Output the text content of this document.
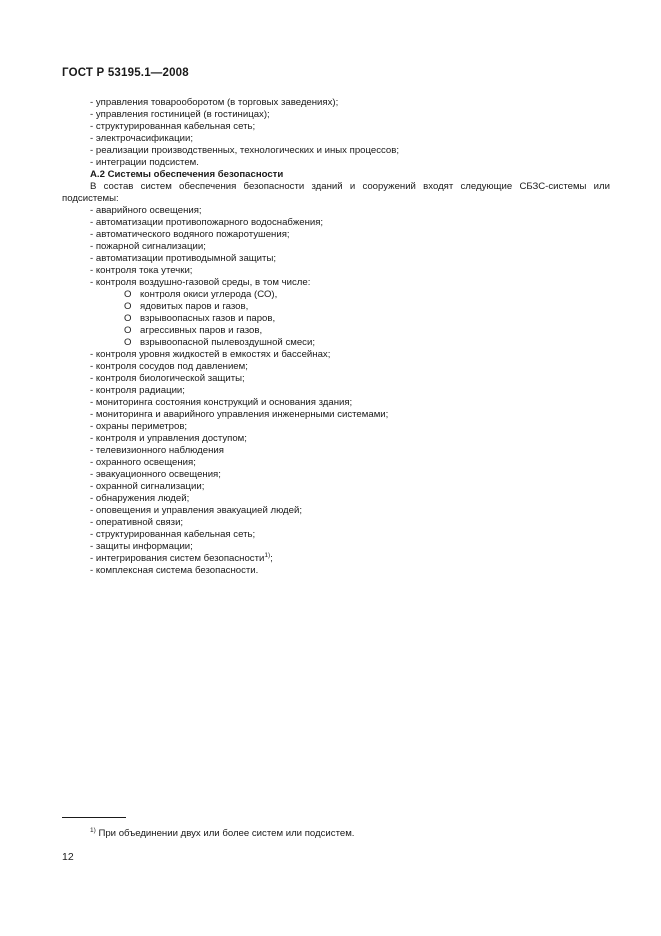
ГОСТ Р 53195.1—2008
- управления товарооборотом (в торговых заведениях);
- управления гостиницей (в гостиницах);
- структурированная кабельная сеть;
- электрочасификации;
- реализации производственных, технологических и иных процессов;
- интеграции подсистем.
А.2 Системы обеспечения безопасности
В состав систем обеспечения безопасности зданий и сооружений входят следующие СБЗС-системы или подсистемы:
- аварийного освещения;
- автоматизации противопожарного водоснабжения;
- автоматического водяного пожаротушения;
- пожарной сигнализации;
- автоматизации противодымной защиты;
- контроля тока утечки;
- контроля воздушно-газовой среды, в том числе:
O контроля окиси углерода (СО),
O ядовитых паров и газов,
O взрывоопасных газов и паров,
O агрессивных паров и газов,
O взрывоопасной пылевоздушной смеси;
- контроля уровня жидкостей в емкостях и бассейнах;
- контроля сосудов под давлением;
- контроля биологической защиты;
- контроля радиации;
- мониторинга состояния конструкций и основания здания;
- мониторинга и аварийного управления инженерными системами;
- охраны периметров;
- контроля и управления доступом;
- телевизионного наблюдения
- охранного освещения;
- эвакуационного освещения;
- охранной сигнализации;
- обнаружения людей;
- оповещения и управления эвакуацией людей;
- оперативной связи;
- структурированная кабельная сеть;
- защиты информации;
- интегрирования систем безопасности$^{1)}$;
- комплексная система безопасности.
$^{1)}$ При объединении двух или более систем или подсистем.
12
